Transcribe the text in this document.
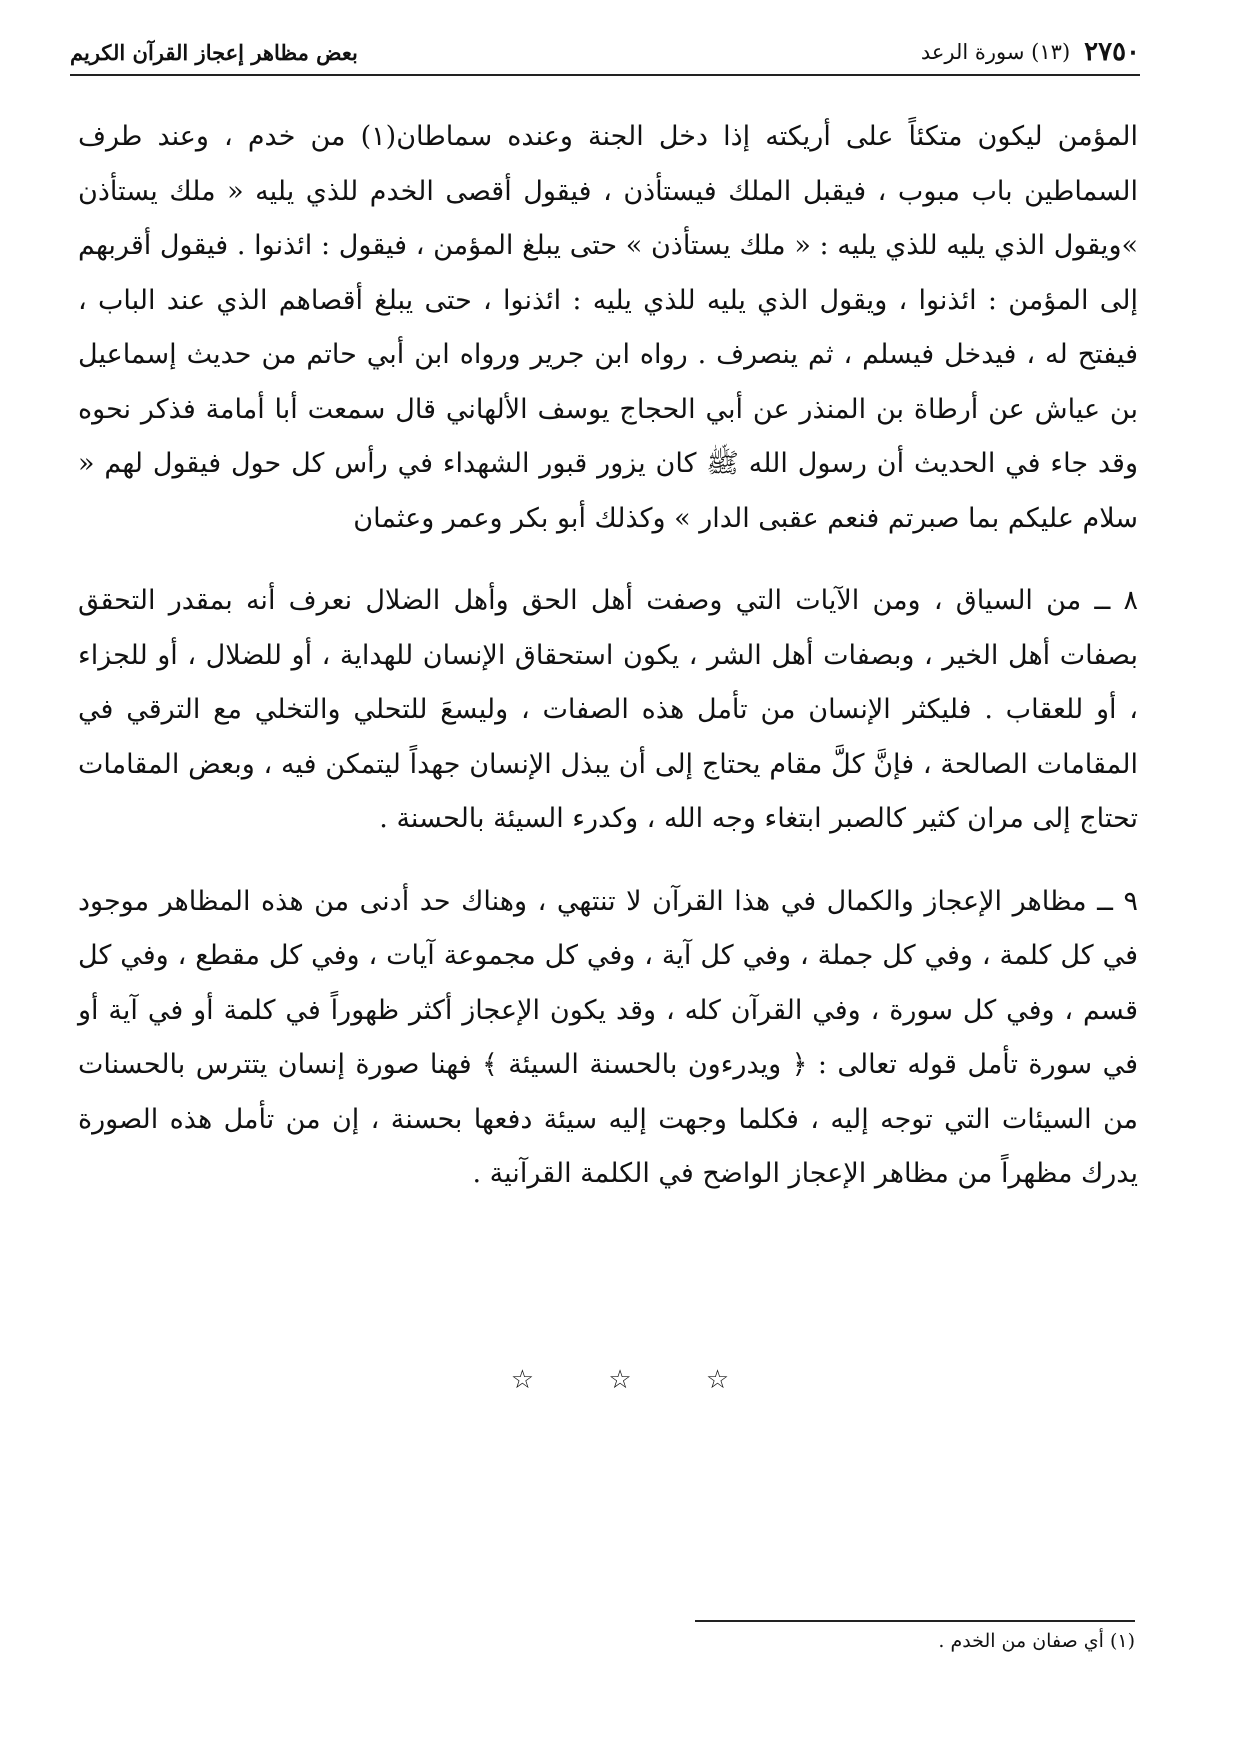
٢٧٥٠
(١٣) سورة الرعد
بعض مظاهر إعجاز القرآن الكريم

المؤمن ليكون متكئاً على أريكته إذا دخل الجنة وعنده سماطان(١) من خدم ، وعند طرف السماطين باب مبوب ، فيقبل الملك فيستأذن ، فيقول أقصى الخدم للذي يليه « ملك يستأذن »ويقول الذي يليه للذي يليه : « ملك يستأذن » حتى يبلغ المؤمن ، فيقول : ائذنوا . فيقول أقربهم إلى المؤمن : ائذنوا ، ويقول الذي يليه للذي يليه : ائذنوا ، حتى يبلغ أقصاهم الذي عند الباب ، فيفتح له ، فيدخل فيسلم ، ثم ينصرف . رواه ابن جرير ورواه ابن أبي حاتم من حديث إسماعيل بن عياش عن أرطاة بن المنذر عن أبي الحجاج يوسف الألهاني قال سمعت أبا أمامة فذكر نحوه وقد جاء في الحديث أن رسول الله ﷺ كان يزور قبور الشهداء في رأس كل حول فيقول لهم « سلام عليكم بما صبرتم فنعم عقبى الدار » وكذلك أبو بكر وعمر وعثمان

٨ ــ من السياق ، ومن الآيات التي وصفت أهل الحق وأهل الضلال نعرف أنه بمقدر التحقق بصفات أهل الخير ، وبصفات أهل الشر ، يكون استحقاق الإنسان للهداية ، أو للضلال ، أو للجزاء ، أو للعقاب . فليكثر الإنسان من تأمل هذه الصفات ، وليسعَ للتحلي والتخلي مع الترقي في المقامات الصالحة ، فإنَّ كلَّ مقام يحتاج إلى أن يبذل الإنسان جهداً ليتمكن فيه ، وبعض المقامات تحتاج إلى مران كثير كالصبر ابتغاء وجه الله ، وكدرء السيئة بالحسنة .

٩ ــ مظاهر الإعجاز والكمال في هذا القرآن لا تنتهي ، وهناك حد أدنى من هذه المظاهر موجود في كل كلمة ، وفي كل جملة ، وفي كل آية ، وفي كل مجموعة آيات ، وفي كل مقطع ، وفي كل قسم ، وفي كل سورة ، وفي القرآن كله ، وقد يكون الإعجاز أكثر ظهوراً في كلمة أو في آية أو في سورة تأمل قوله تعالى : ﴿ ويدرءون بالحسنة السيئة ﴾ فهنا صورة إنسان يتترس بالحسنات من السيئات التي توجه إليه ، فكلما وجهت إليه سيئة دفعها بحسنة ، إن من تأمل هذه الصورة يدرك مظهراً من مظاهر الإعجاز الواضح في الكلمة القرآنية .

☆	☆	☆
(١) أي صفان من الخدم .
